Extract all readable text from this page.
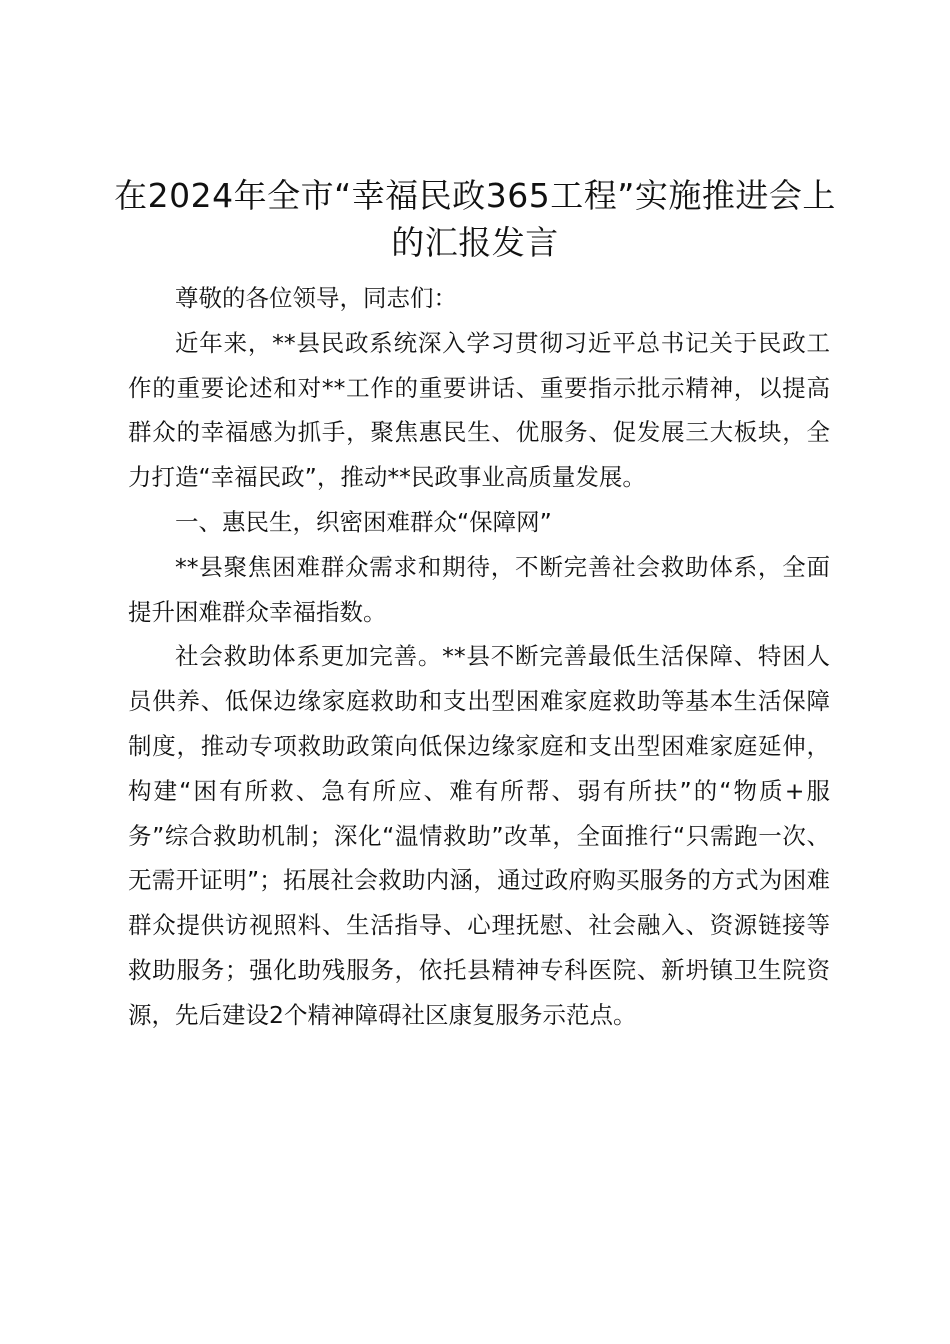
在2024年全市“幸福民政365工程”实施推进会上的汇报发言

尊敬的各位领导，同志们：

近年来，**县民政系统深入学习贯彻习近平总书记关于民政工作的重要论述和对**工作的重要讲话、重要指示批示精神，以提高群众的幸福感为抓手，聚焦惠民生、优服务、促发展三大板块，全力打造“幸福民政”，推动**民政事业高质量发展。

一、惠民生，织密困难群众“保障网”

**县聚焦困难群众需求和期待，不断完善社会救助体系，全面提升困难群众幸福指数。

社会救助体系更加完善。**县不断完善最低生活保障、特困人员供养、低保边缘家庭救助和支出型困难家庭救助等基本生活保障制度，推动专项救助政策向低保边缘家庭和支出型困难家庭延伸，构建“困有所救、急有所应、难有所帮、弱有所扶”的“物质+服务”综合救助机制；深化“温情救助”改革，全面推行“只需跑一次、无需开证明”；拓展社会救助内涵，通过政府购买服务的方式为困难群众提供访视照料、生活指导、心理抚慰、社会融入、资源链接等救助服务；强化助残服务，依托县精神专科医院、新坍镇卫生院资源，先后建设2个精神障碍社区康复服务示范点。
